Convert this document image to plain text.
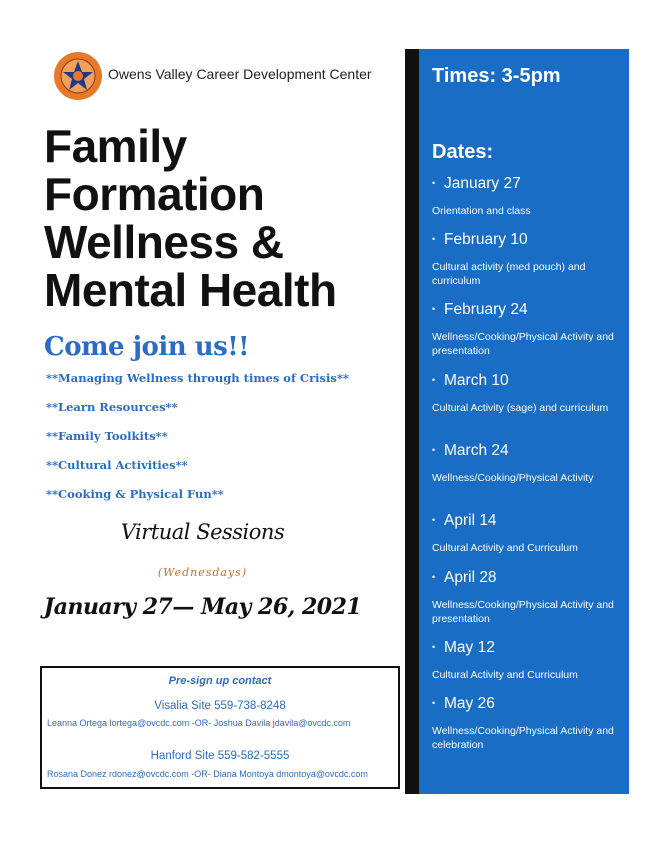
Owens Valley Career Development Center
Family
Formation
Wellness &
Mental Health
Come join us!!
**Managing Wellness through times of Crisis**
**Learn Resources**
**Family Toolkits**
**Cultural Activities**
**Cooking & Physical Fun**
Virtual Sessions
(Wednesdays)
January 27— May 26, 2021
Pre-sign up contact
Visalia Site 559-738-8248
Leanna Ortega lortega@ovcdc.com -OR- Joshua Davila jdavila@ovcdc.com
Hanford Site 559-582-5555
Rosana Donez rdonez@ovcdc.com -OR- Diana Montoya dmontoya@ovcdc.com
Times: 3-5pm
Dates:
• January 27
Orientation and class
• February 10
Cultural activity (med pouch) and curriculum
• February 24
Wellness/Cooking/Physical Activity and presentation
• March 10
Cultural Activity (sage) and curriculum
• March 24
Wellness/Cooking/Physical Activity
• April 14
Cultural Activity and Curriculum
• April 28
Wellness/Cooking/Physical Activity and presentation
• May 12
Cultural Activity and Curriculum
• May 26
Wellness/Cooking/Physical Activity and celebration
